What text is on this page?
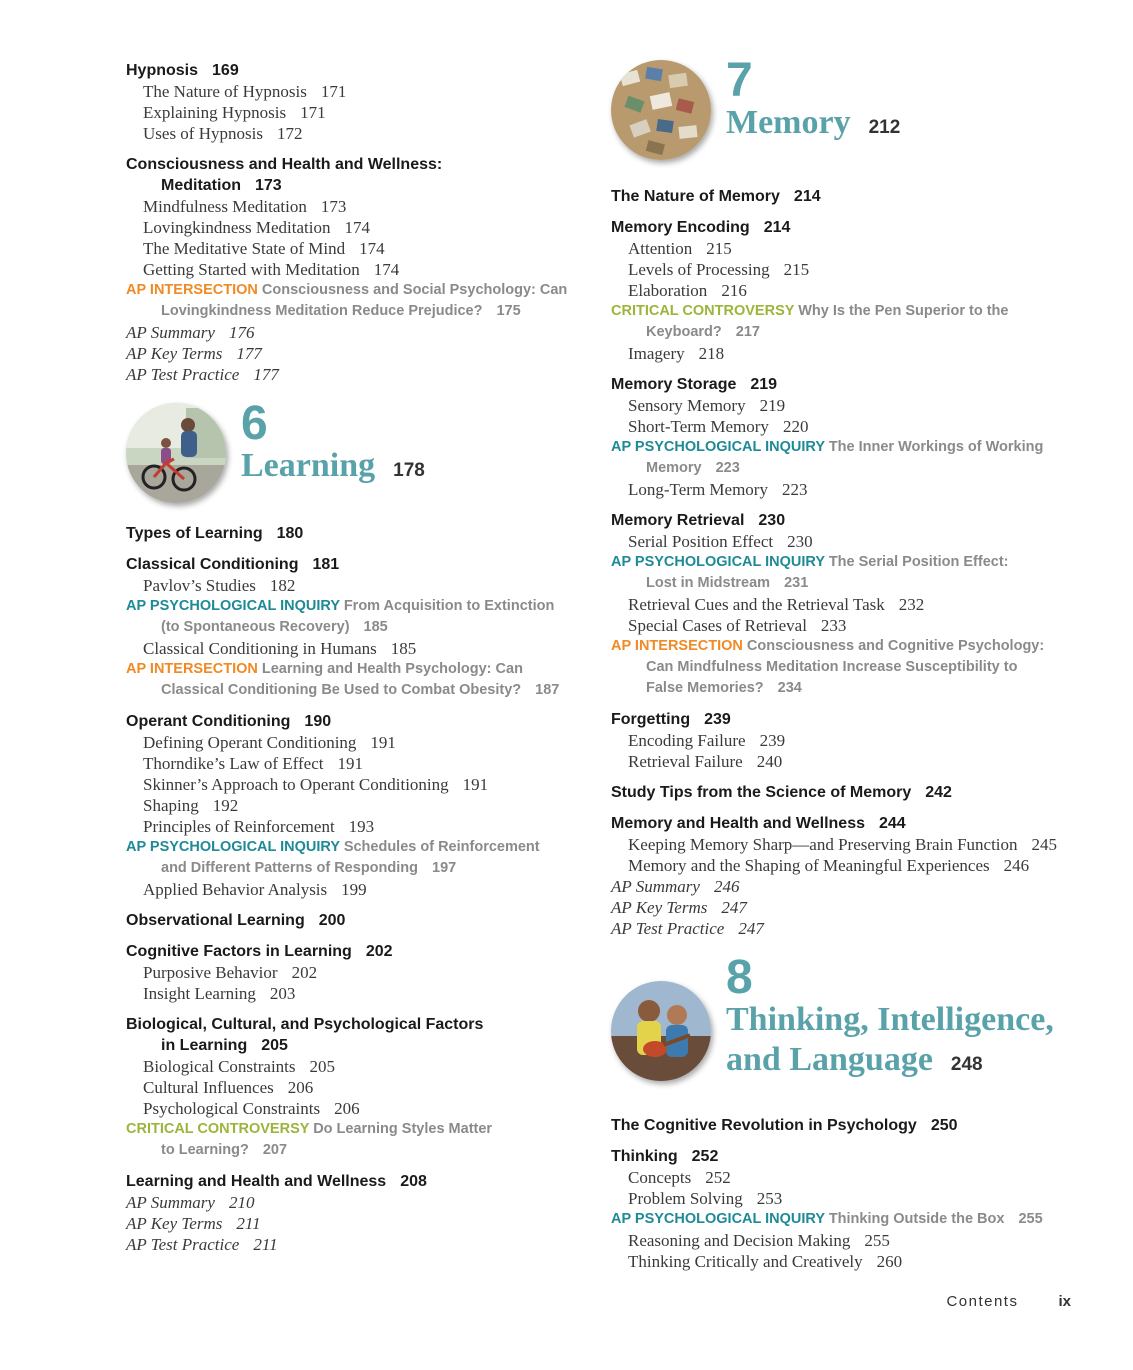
Hypnosis 169
The Nature of Hypnosis 171
Explaining Hypnosis 171
Uses of Hypnosis 172
Consciousness and Health and Wellness:
Meditation 173
Mindfulness Meditation 173
Lovingkindness Meditation 174
The Meditative State of Mind 174
Getting Started with Meditation 174
AP INTERSECTION Consciousness and Social Psychology: Can
Lovingkindness Meditation Reduce Prejudice? 175
AP Summary 176
AP Key Terms 177
AP Test Practice 177
6
Learning 178
Types of Learning 180
Classical Conditioning 181
Pavlov’s Studies 182
AP PSYCHOLOGICAL INQUIRY From Acquisition to Extinction
(to Spontaneous Recovery) 185
Classical Conditioning in Humans 185
AP INTERSECTION Learning and Health Psychology: Can
Classical Conditioning Be Used to Combat Obesity? 187
Operant Conditioning 190
Defining Operant Conditioning 191
Thorndike’s Law of Effect 191
Skinner’s Approach to Operant Conditioning 191
Shaping 192
Principles of Reinforcement 193
AP PSYCHOLOGICAL INQUIRY Schedules of Reinforcement
and Different Patterns of Responding 197
Applied Behavior Analysis 199
Observational Learning 200
Cognitive Factors in Learning 202
Purposive Behavior 202
Insight Learning 203
Biological, Cultural, and Psychological Factors
in Learning 205
Biological Constraints 205
Cultural Influences 206
Psychological Constraints 206
CRITICAL CONTROVERSY Do Learning Styles Matter
to Learning? 207
Learning and Health and Wellness 208
AP Summary 210
AP Key Terms 211
AP Test Practice 211
7
Memory 212
The Nature of Memory 214
Memory Encoding 214
Attention 215
Levels of Processing 215
Elaboration 216
CRITICAL CONTROVERSY Why Is the Pen Superior to the
Keyboard? 217
Imagery 218
Memory Storage 219
Sensory Memory 219
Short-Term Memory 220
AP PSYCHOLOGICAL INQUIRY The Inner Workings of Working
Memory 223
Long-Term Memory 223
Memory Retrieval 230
Serial Position Effect 230
AP PSYCHOLOGICAL INQUIRY The Serial Position Effect:
Lost in Midstream 231
Retrieval Cues and the Retrieval Task 232
Special Cases of Retrieval 233
AP INTERSECTION Consciousness and Cognitive Psychology:
Can Mindfulness Meditation Increase Susceptibility to
False Memories? 234
Forgetting 239
Encoding Failure 239
Retrieval Failure 240
Study Tips from the Science of Memory 242
Memory and Health and Wellness 244
Keeping Memory Sharp—and Preserving Brain Function 245
Memory and the Shaping of Meaningful Experiences 246
AP Summary 246
AP Key Terms 247
AP Test Practice 247
8
Thinking, Intelligence,
and Language 248
The Cognitive Revolution in Psychology 250
Thinking 252
Concepts 252
Problem Solving 253
AP PSYCHOLOGICAL INQUIRY Thinking Outside the Box 255
Reasoning and Decision Making 255
Thinking Critically and Creatively 260
Contents	ix
